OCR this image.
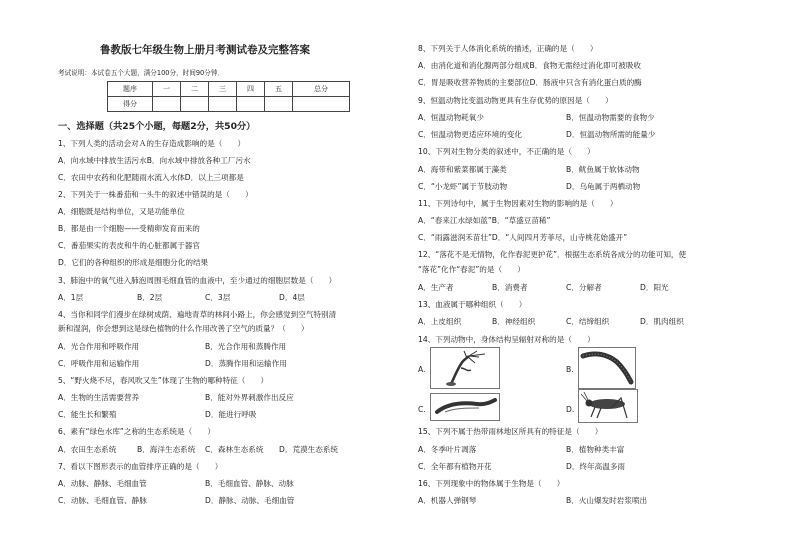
鲁教版七年级生物上册月考测试卷及完整答案
考试说明：本试卷五个大题，满分100分，时间90分钟．
题序	一	二	三	四	五	总分
得分						
一、选择题（共25个小题，每题2分，共50分）
1、下列人类的活动会对Ａ的生存造成影响的是（　　）
A．向水域中排放生活污水B．向水域中排放各种工厂污水
C．农田中农药和化肥随雨水流入水体D．以上三项都是
2、下列关于一株番茄和一头牛的叙述中错误的是（　　）
A．细胞既是结构单位，又是功能单位
B．都是由一个细胞——受精卵发育而来的
C．番茄果实的表皮和牛的心脏都属于器官
D．它们的各种组织的形成是细胞分化的结果
3、肺泡中的氧气进入肺泡周围毛细血管的血液中，至少通过的细胞层数是（　　）
A．1层	B．2层	C．3层	D．4层
4、当你和同学们漫步在绿树成荫、遍地青草的林间小路上，你会感觉到空气特别清
新和湿润，你会想到这是绿色植物的什么作用改善了空气的质量？（　　）
A．光合作用和呼吸作用	B．光合作用和蒸腾作用
C．呼吸作用和运输作用	D．蒸腾作用和运输作用
5、“野火烧不尽，春风吹又生”体现了生物的哪种特征（　　）
A．生物的生活需要营养	B．能对外界刺激作出反应
C．能生长和繁殖	D．能进行呼吸
6、素有“绿色水库”之称的生态系统是（　　）
A．农田生态系统	B．海洋生态系统 C．森林生态系统 D．荒漠生态系统
7、看以下图形表示的血管排序正确的是（　　）
A．动脉、静脉、毛细血管	B．毛细血管、静脉、动脉
C．动脉、毛细血管、静脉	D．静脉、动脉、毛细血管
8、下列关于人体消化系统的描述，正确的是（　　）
A．由消化道和消化腺两部分组成B．食物无需经过消化即可被吸收
C．胃是吸收营养物质的主要部位D．肠液中只含有消化蛋白质的酶
9、恒温动物比变温动物更具有生存优势的原因是（　　）
A．恒温动物耗氧少	B．恒温动物需要的食物少
C．恒温动物更适应环境的变化	D．恒温动物所需的能量少
10、下列对生物分类的叙述中，不正确的是（　　）
A．海带和紫菜都属于藻类	B．鱿鱼属于软体动物
C．“小龙虾”属于节肢动物	D．乌龟属于两栖动物
11、下列诗句中，属于生物因素对生物的影响的是（　　）
A．“春来江水绿如蓝”B．“草盛豆苗稀”
C．“雨露滋润禾苗壮”D．“人间四月芳菲尽，山寺桃花始盛开”
12、“落花不是无情物，化作春泥更护花”．根据生态系统各成分的功能可知，使
“落花”化作“春泥”的是（　　）
A．生产者	B．消费者	C．分解者	D．阳光
13、血液属于哪种组织（　　）
A．上皮组织	B．神经组织	C．结缔组织	D．肌肉组织
14、下列动物中，身体结构呈辐射对称的是（　　）
A.	B.
C.	D.
15、下列不属于热带雨林地区所具有的特征是（　　）
A．冬季叶片凋落	B．植物种类丰富
C．全年都有植物开花	D．终年高温多雨
16、下列现象中的物体属于生物是（　　）
A．机器人弹钢琴	B．火山爆发时岩浆喷出
